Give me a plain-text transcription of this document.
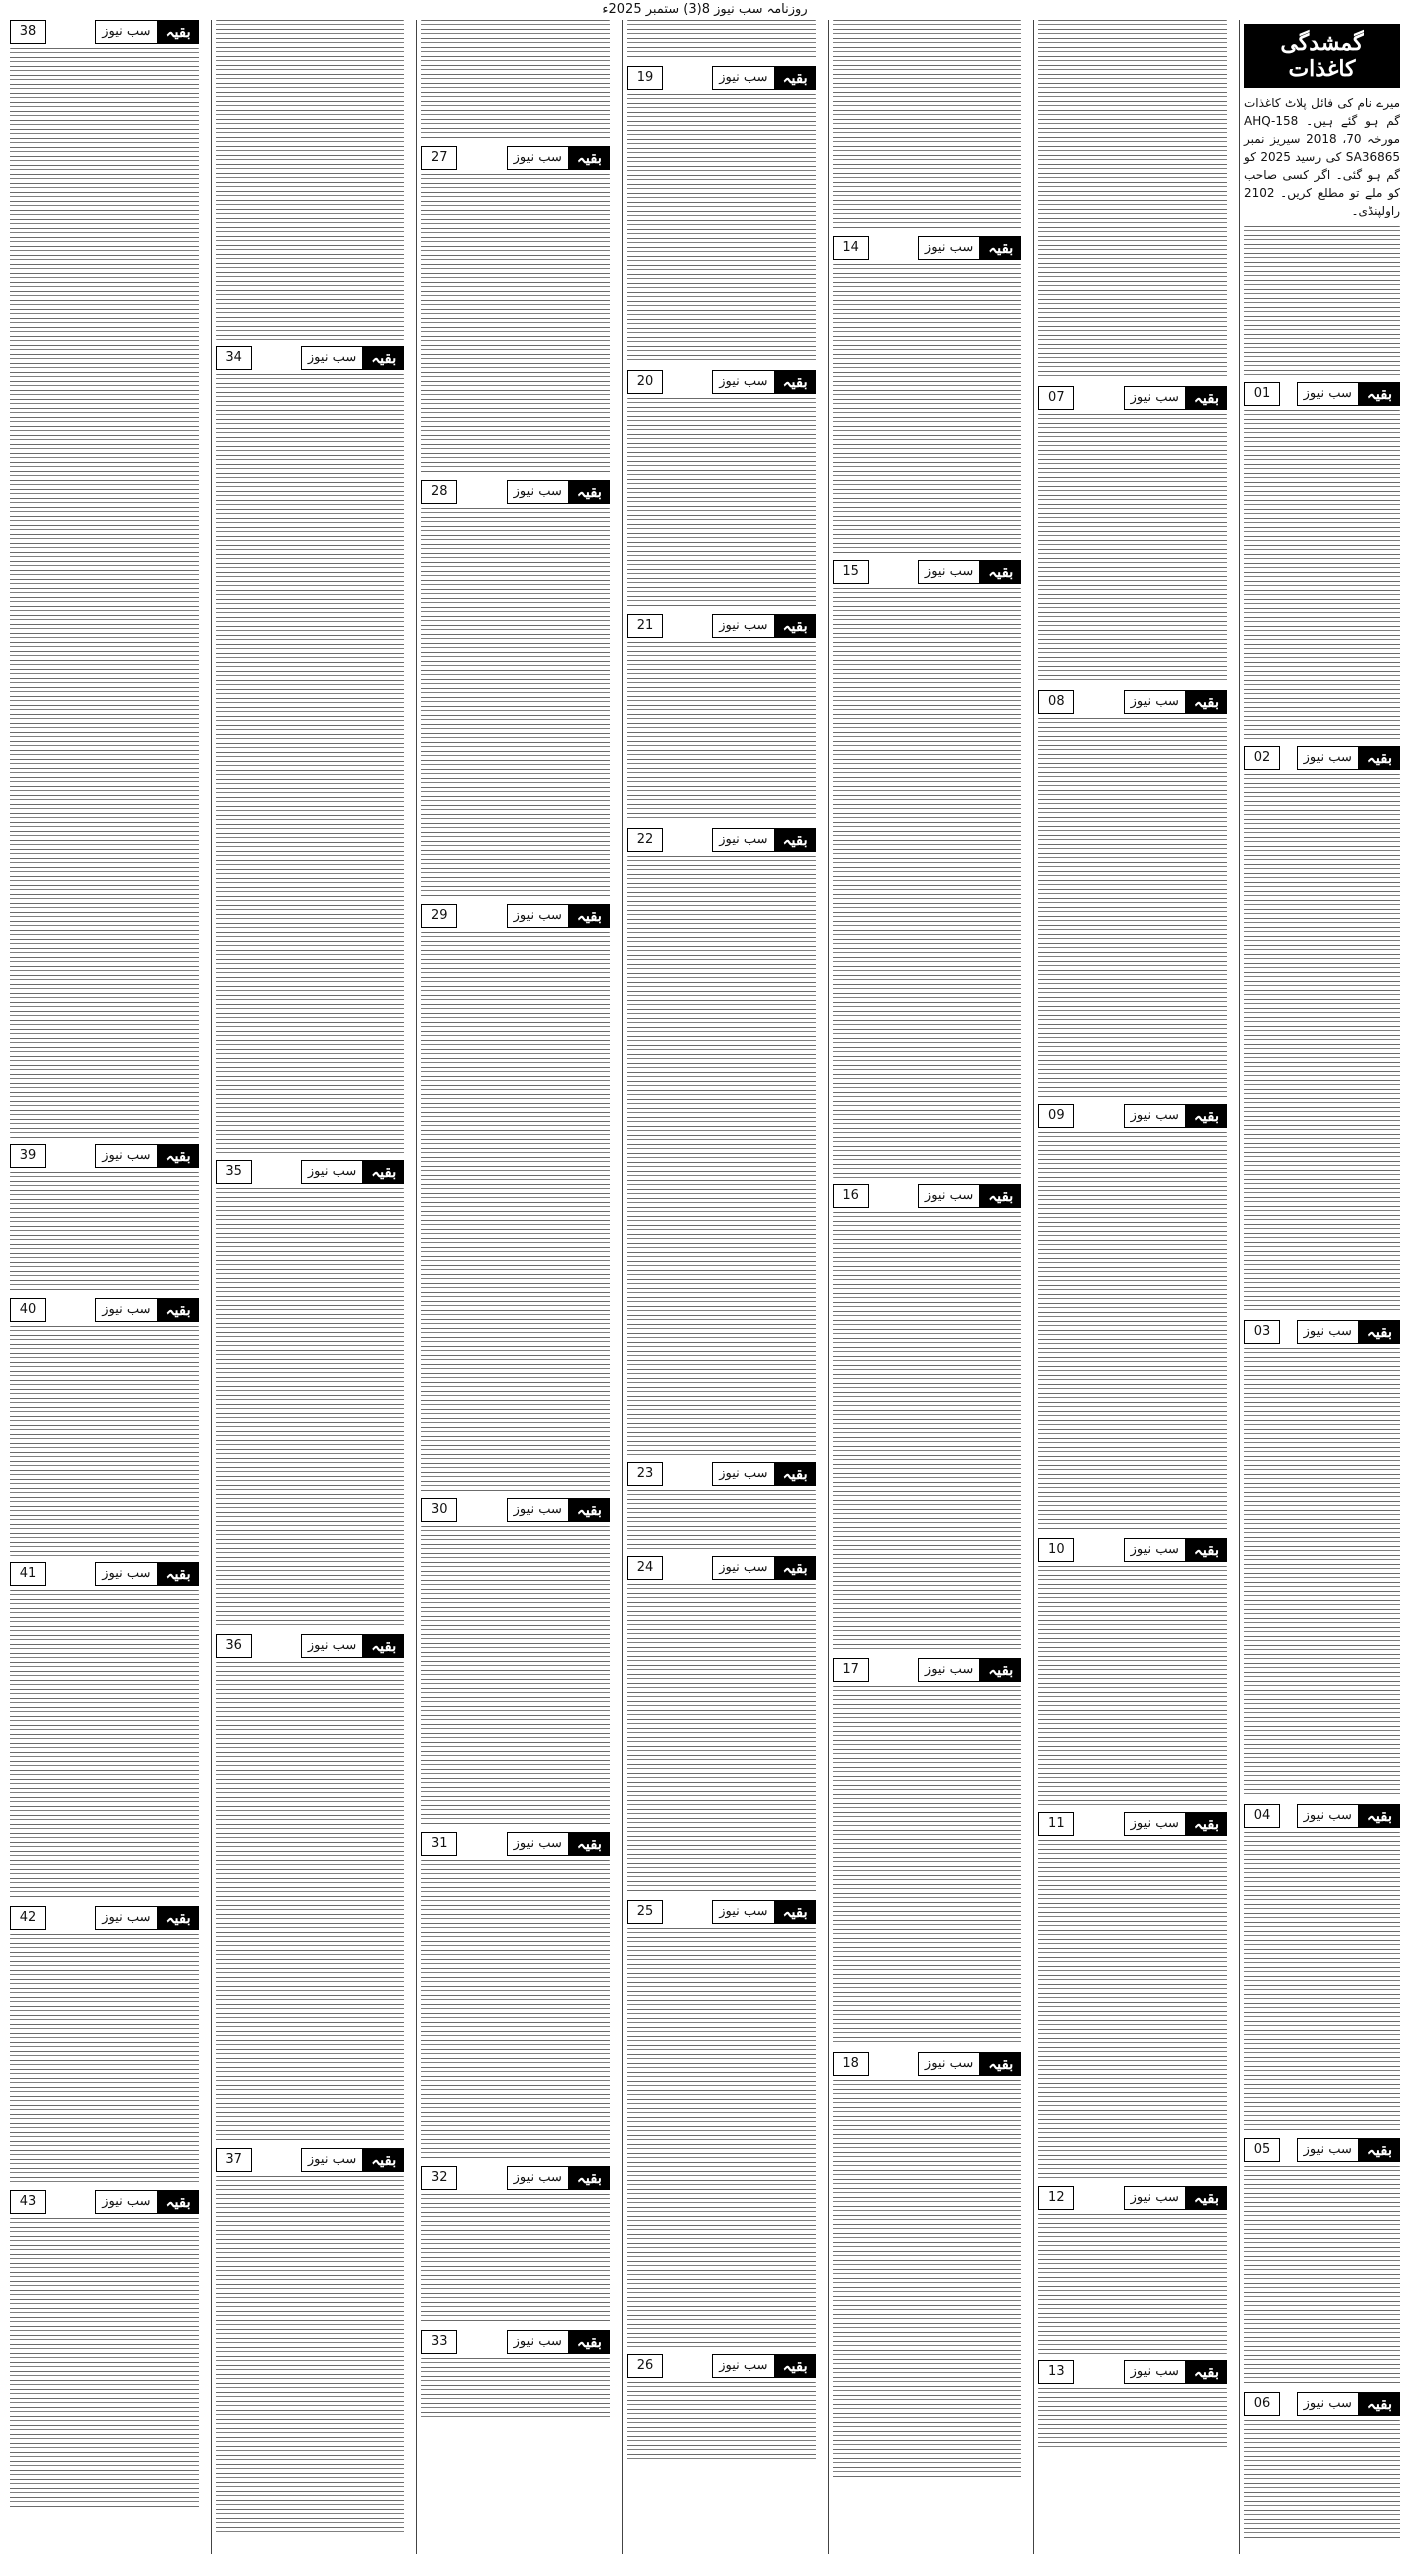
روزنامہ سب نیوز 8(3) ستمبر 2025ء
گمشدگی کاغذات
میرے نام کی فائل پلاٹ کاغذات گم ہو گئے ہیں۔ AHQ-158 مورخہ 70، 2018 سیریز نمبر SA36865 کی رسید 2025 کو گم ہو گئی۔ اگر کسی صاحب کو ملے تو مطلع کریں۔ 2102 راولپنڈی۔
بقیہ
سب نیوز
01
بقیہ
سب نیوز
02
بقیہ
سب نیوز
03
بقیہ
سب نیوز
04
بقیہ
سب نیوز
05
بقیہ
سب نیوز
06
بقیہ
سب نیوز
07
بقیہ
سب نیوز
08
بقیہ
سب نیوز
09
بقیہ
سب نیوز
10
بقیہ
سب نیوز
11
بقیہ
سب نیوز
12
بقیہ
سب نیوز
13
بقیہ
سب نیوز
14
بقیہ
سب نیوز
15
بقیہ
سب نیوز
16
بقیہ
سب نیوز
17
بقیہ
سب نیوز
18
بقیہ
سب نیوز
19
بقیہ
سب نیوز
20
بقیہ
سب نیوز
21
بقیہ
سب نیوز
22
بقیہ
سب نیوز
23
بقیہ
سب نیوز
24
بقیہ
سب نیوز
25
بقیہ
سب نیوز
26
بقیہ
سب نیوز
27
بقیہ
سب نیوز
28
بقیہ
سب نیوز
29
بقیہ
سب نیوز
30
بقیہ
سب نیوز
31
بقیہ
سب نیوز
32
بقیہ
سب نیوز
33
بقیہ
سب نیوز
34
بقیہ
سب نیوز
35
بقیہ
سب نیوز
36
بقیہ
سب نیوز
37
بقیہ
سب نیوز
38
بقیہ
سب نیوز
39
بقیہ
سب نیوز
40
بقیہ
سب نیوز
41
بقیہ
سب نیوز
42
بقیہ
سب نیوز
43
